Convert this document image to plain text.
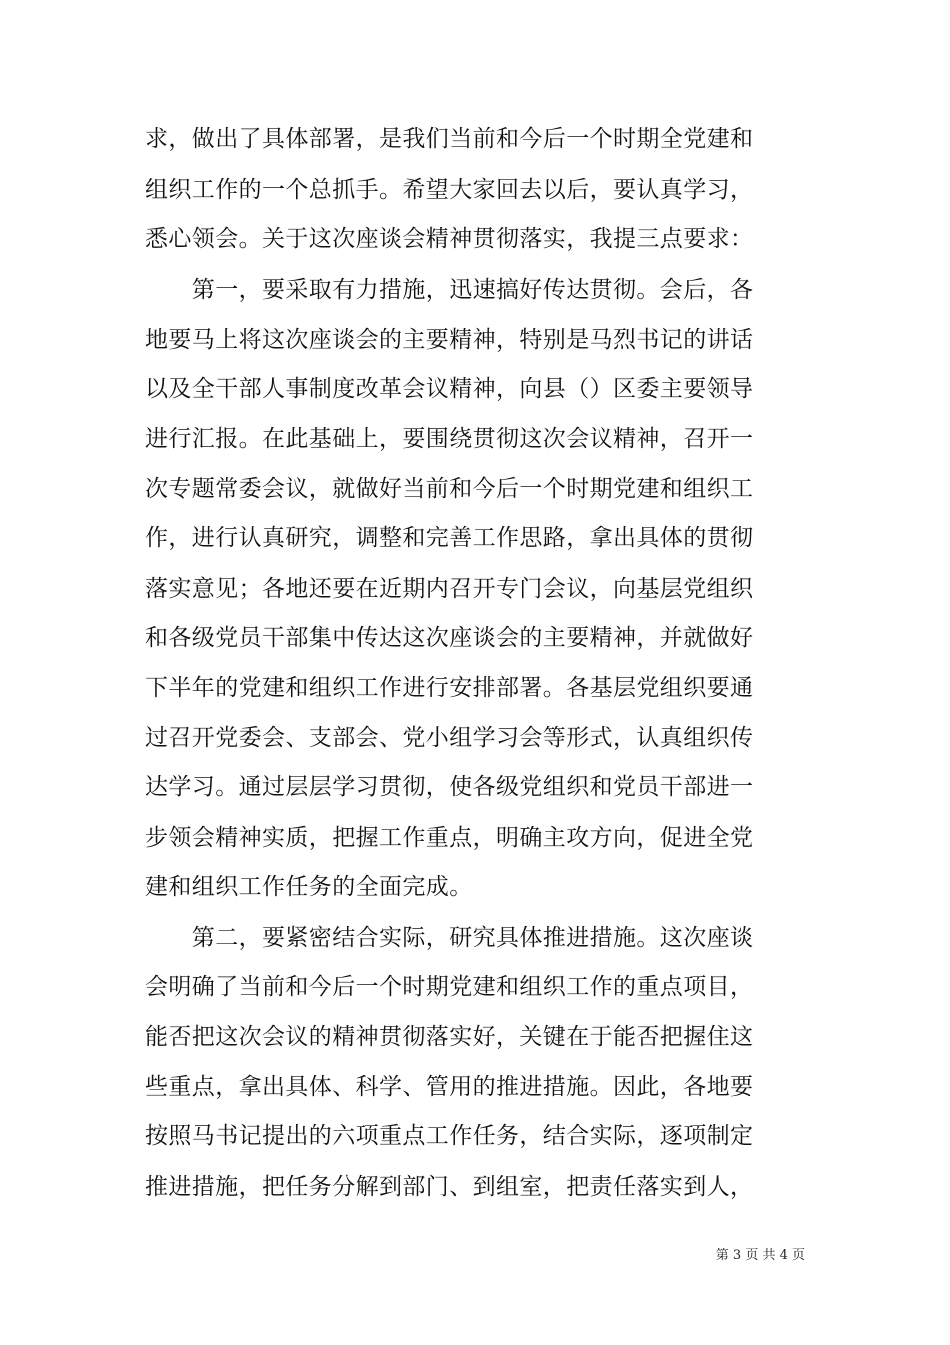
求，做出了具体部署，是我们当前和今后一个时期全党建和
组织工作的一个总抓手。希望大家回去以后，要认真学习，
悉心领会。关于这次座谈会精神贯彻落实，我提三点要求：
　　第一，要采取有力措施，迅速搞好传达贯彻。会后，各
地要马上将这次座谈会的主要精神，特别是马烈书记的讲话
以及全干部人事制度改革会议精神，向县（）区委主要领导
进行汇报。在此基础上，要围绕贯彻这次会议精神，召开一
次专题常委会议，就做好当前和今后一个时期党建和组织工
作，进行认真研究，调整和完善工作思路，拿出具体的贯彻
落实意见；各地还要在近期内召开专门会议，向基层党组织
和各级党员干部集中传达这次座谈会的主要精神，并就做好
下半年的党建和组织工作进行安排部署。各基层党组织要通
过召开党委会、支部会、党小组学习会等形式，认真组织传
达学习。通过层层学习贯彻，使各级党组织和党员干部进一
步领会精神实质，把握工作重点，明确主攻方向，促进全党
建和组织工作任务的全面完成。
　　第二，要紧密结合实际，研究具体推进措施。这次座谈
会明确了当前和今后一个时期党建和组织工作的重点项目，
能否把这次会议的精神贯彻落实好，关键在于能否把握住这
些重点，拿出具体、科学、管用的推进措施。因此，各地要
按照马书记提出的六项重点工作任务，结合实际，逐项制定
推进措施，把任务分解到部门、到组室，把责任落实到人，
第 3 页 共 4 页
